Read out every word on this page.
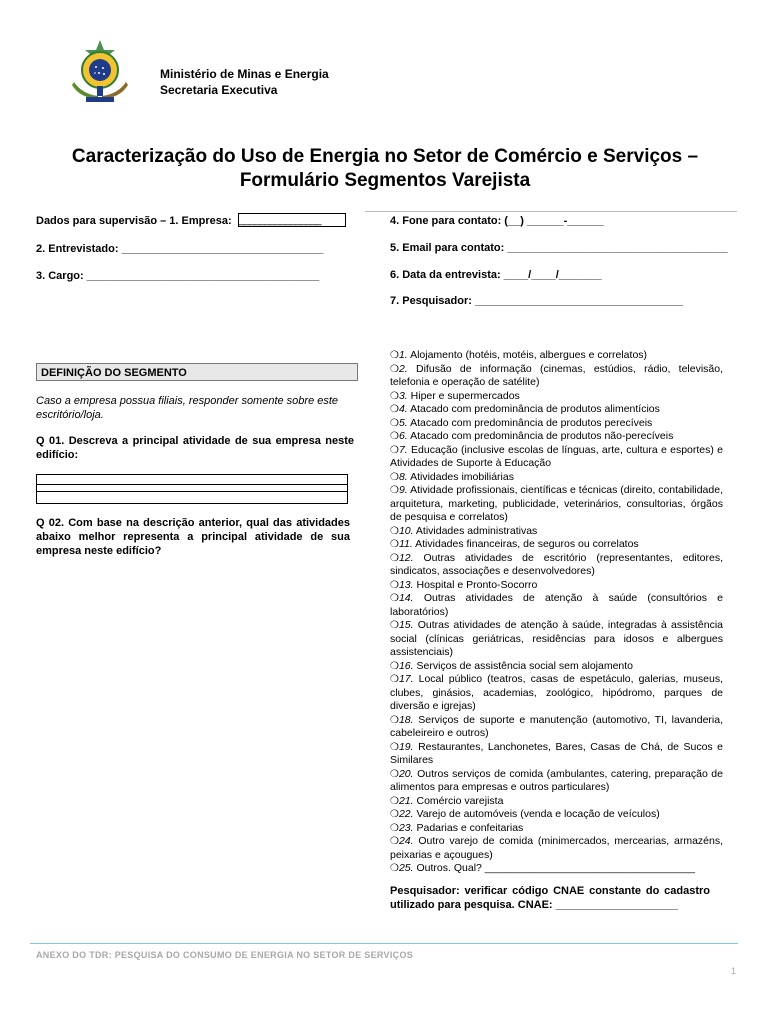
Ministério de Minas e Energia
Secretaria Executiva
Caracterização do Uso de Energia no Setor de Comércio e Serviços –
Formulário Segmentos Varejista
Dados para supervisão – 1. Empresa: ________________	4. Fone para contato: (__) ______-______
2. Entrevistado: _________________________________	5. Email para contato: ____________________________________
3. Cargo: ______________________________________	6. Data da entrevista: ____/____/_______
7. Pesquisador: __________________________________
DEFINIÇÃO DO SEGMENTO
Caso a empresa possua filiais, responder somente sobre este escritório/loja.
Q 01. Descreva a principal atividade de sua empresa neste edifício:
Q 02. Com base na descrição anterior, qual das atividades abaixo melhor representa a principal atividade de sua empresa neste edifício?
❍1. Alojamento (hotéis, motéis, albergues e correlatos)
❍2. Difusão de informação (cinemas, estúdios, rádio, televisão, telefonia e operação de satélite)
❍3. Hiper e supermercados
❍4. Atacado com predominância de produtos alimentícios
❍5. Atacado com predominância de produtos perecíveis
❍6. Atacado com predominância de produtos não-perecíveis
❍7. Educação (inclusive escolas de línguas, arte, cultura e esportes) e Atividades de Suporte à Educação
❍8. Atividades imobiliárias
❍9. Atividade profissionais, científicas e técnicas (direito, contabilidade, arquitetura, marketing, publicidade, veterinários, consultorias, órgãos de pesquisa e correlatos)
❍10. Atividades administrativas
❍11. Atividades financeiras, de seguros ou correlatos
❍12. Outras atividades de escritório (representantes, editores, sindicatos, associações e desenvolvedores)
❍13. Hospital e Pronto-Socorro
❍14. Outras atividades de atenção à saúde (consultórios e laboratórios)
❍15. Outras atividades de atenção à saúde, integradas à assistência social (clínicas geriátricas, residências para idosos e albergues assistenciais)
❍16. Serviços de assistência social sem alojamento
❍17. Local público (teatros, casas de espetáculo, galerias, museus, clubes, ginásios, academias, zoológico, hipódromo, parques de diversão e igrejas)
❍18. Serviços de suporte e manutenção (automotivo, TI, lavanderia, cabeleireiro e outros)
❍19. Restaurantes, Lanchonetes, Bares, Casas de Chá, de Sucos e Similares
❍20. Outros serviços de comida (ambulantes, catering, preparação de alimentos para empresas e outros particulares)
❍21. Comércio varejista
❍22. Varejo de automóveis (venda e locação de veículos)
❍23. Padarias e confeitarias
❍24. Outro varejo de comida (minimercados, mercearias, armazéns, peixarias e açougues)
❍25. Outros. Qual? ____________________________________
Pesquisador: verificar código CNAE constante do cadastro utilizado para pesquisa. CNAE: ____________________
ANEXO DO TDR: PESQUISA DO CONSUMO DE ENERGIA NO SETOR DE SERVIÇOS
1
